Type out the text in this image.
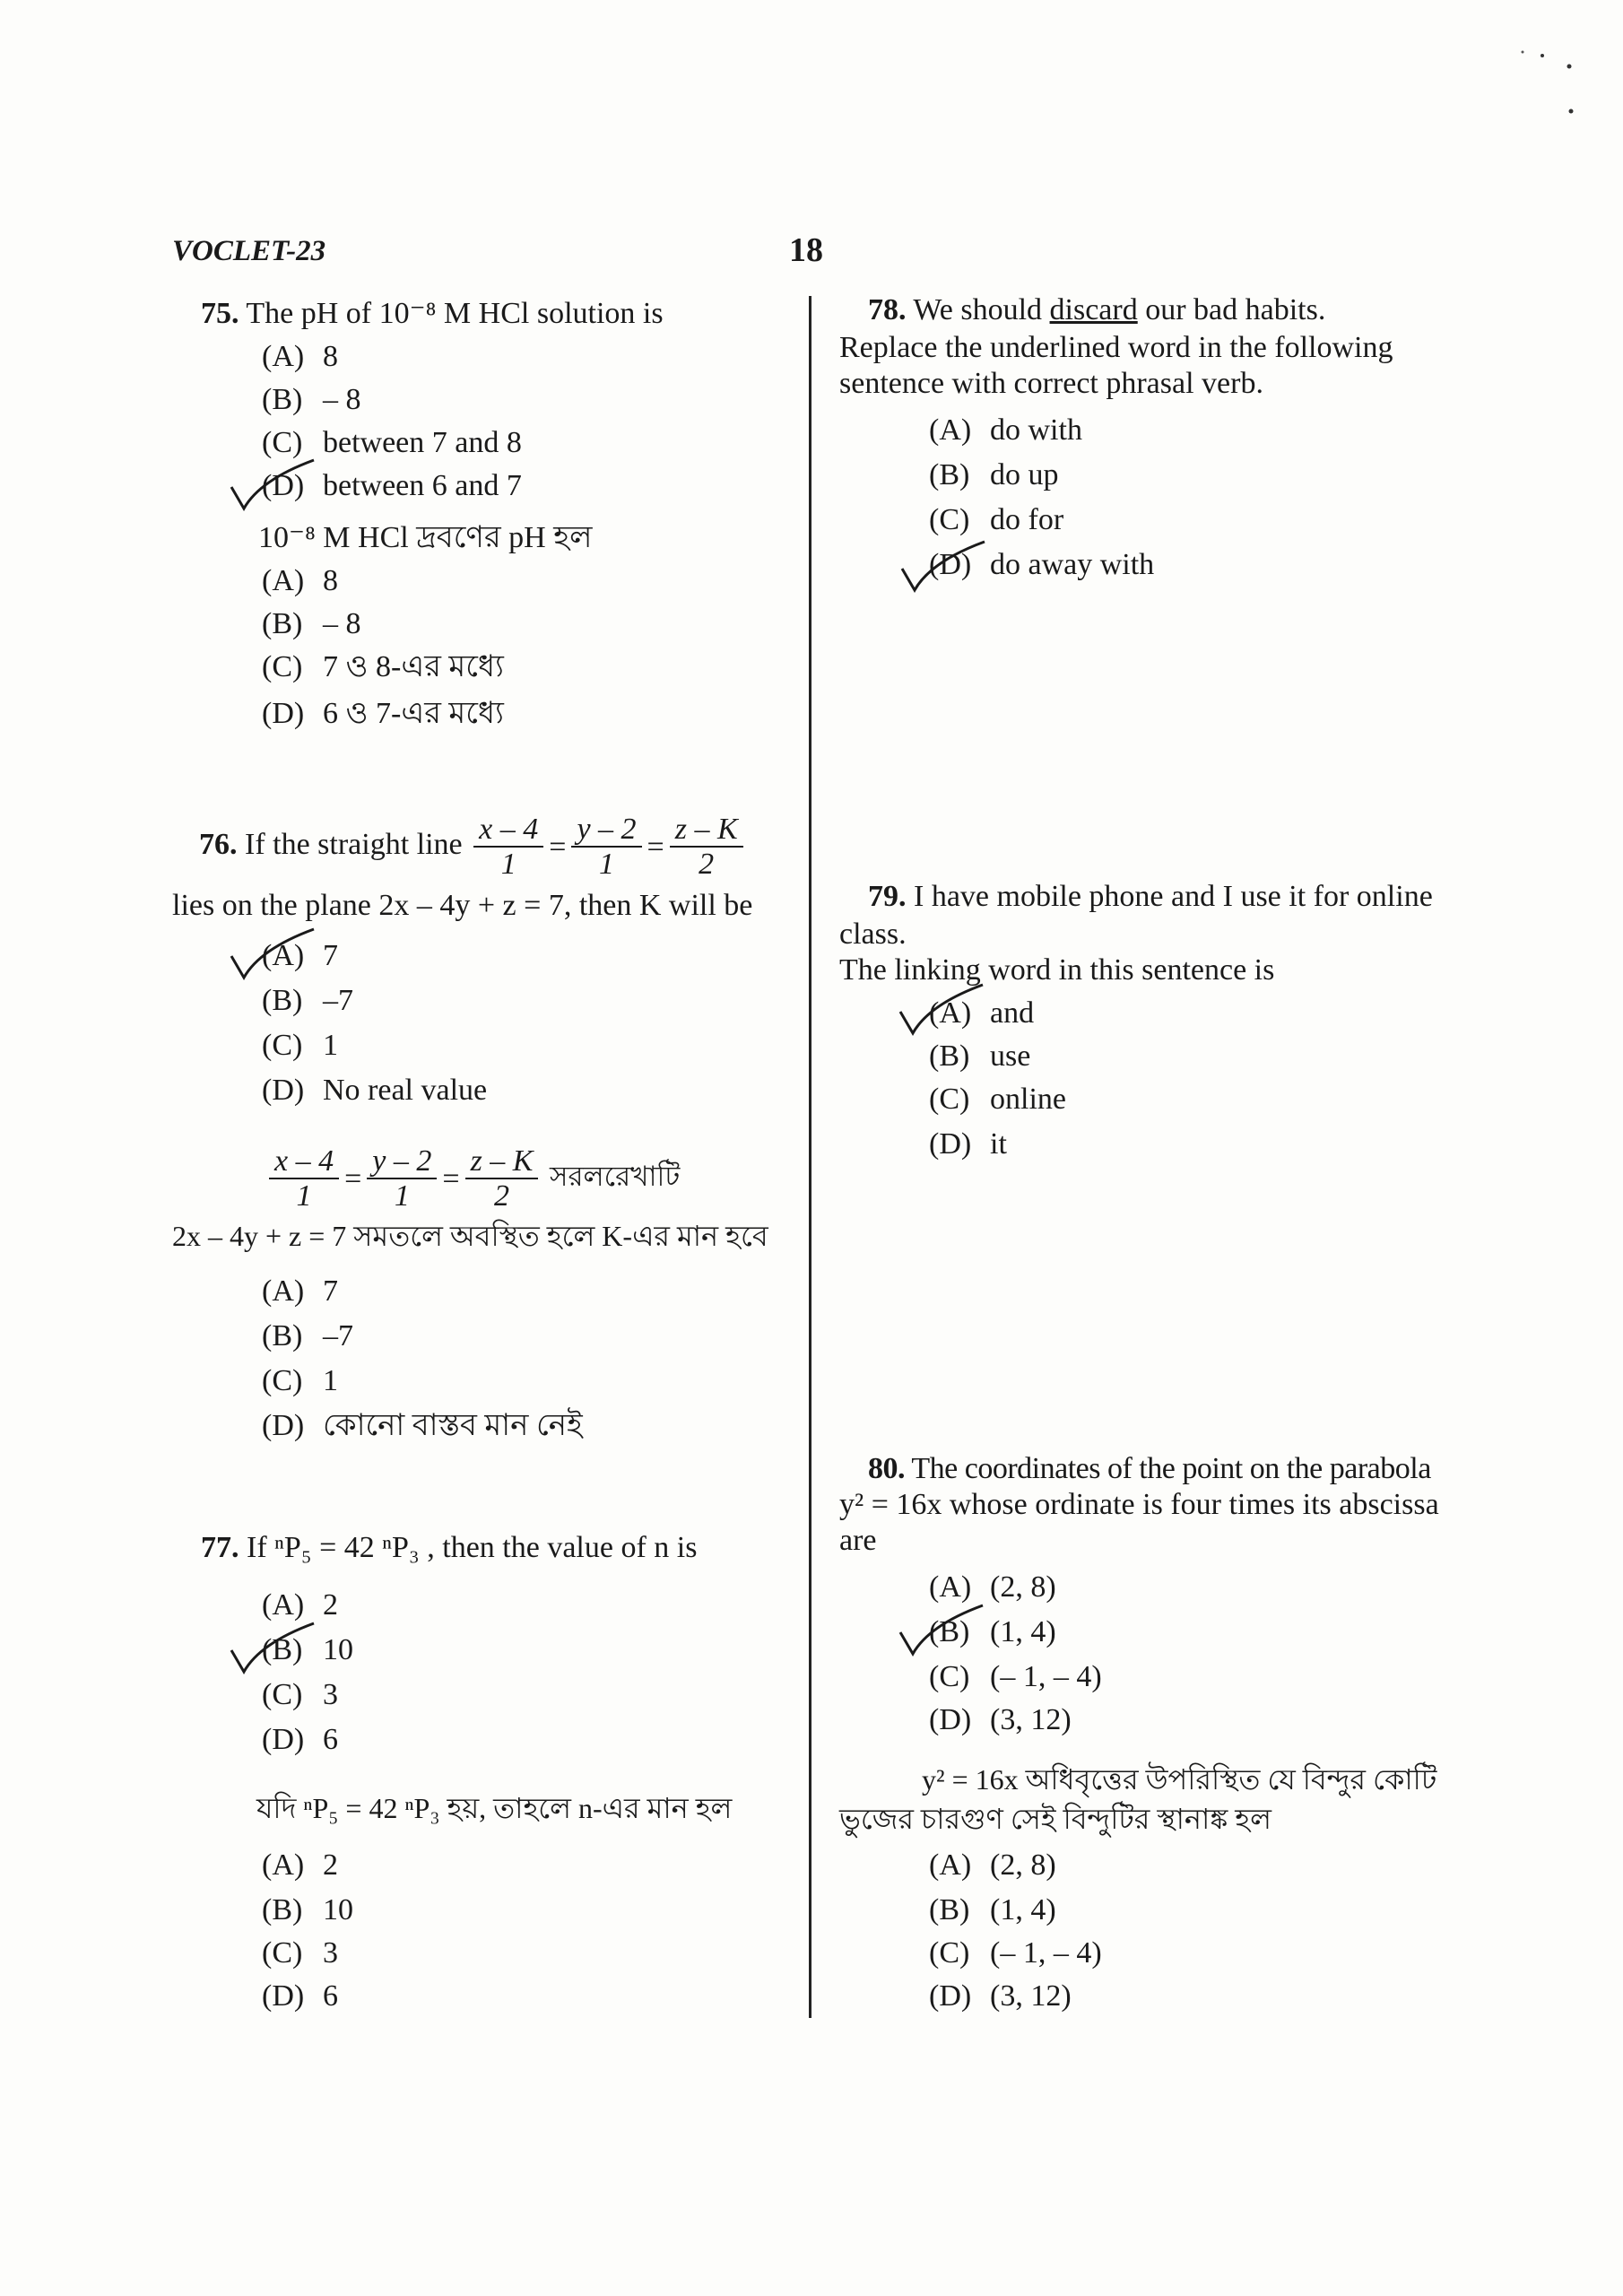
VOCLET-23	18
75. The pH of 10⁻⁸ M HCl solution is
(A) 8
(B) – 8
(C) between 7 and 8
(D) between 6 and 7
10⁻⁸ M HCl দ্রবণের pH হল
(A) 8
(B) – 8
(C) 7 ও 8-এর মধ্যে
(D) 6 ও 7-এর মধ্যে
76. If the straight line $\frac{x - 4}{1} = \frac{y - 2}{1} = \frac{z - K}{2}$
lies on the plane 2x – 4y + z = 7, then K will be
(A) 7
(B) –7
(C) 1
(D) No real value
$\frac{x - 4}{1} = \frac{y - 2}{1} = \frac{z - K}{2}$ সরলরেখাটি
2x – 4y + z = 7 সমতলে অবস্থিত হলে K-এর মান হবে
(A) 7
(B) –7
(C) 1
(D) কোনো বাস্তব মান নেই
77. If ⁿP₅ = 42 ⁿP₃ , then the value of n is
(A) 2
(B) 10
(C) 3
(D) 6
যদি ⁿP₅ = 42 ⁿP₃ হয়, তাহলে n-এর মান হল
(A) 2
(B) 10
(C) 3
(D) 6
78. We should discard our bad habits.
Replace the underlined word in the following
sentence with correct phrasal verb.
(A) do with
(B) do up
(C) do for
(D) do away with
79. I have mobile phone and I use it for online
class.
The linking word in this sentence is
(A) and
(B) use
(C) online
(D) it
80. The coordinates of the point on the parabola
y² = 16x whose ordinate is four times its abscissa
are
(A) (2, 8)
(B) (1, 4)
(C) (– 1, – 4)
(D) (3, 12)
y² = 16x অধিবৃত্তের উপরিস্থিত যে বিন্দুর কোটি
ভুজের চারগুণ সেই বিন্দুটির স্থানাঙ্ক হল
(A) (2, 8)
(B) (1, 4)
(C) (– 1, – 4)
(D) (3, 12)
